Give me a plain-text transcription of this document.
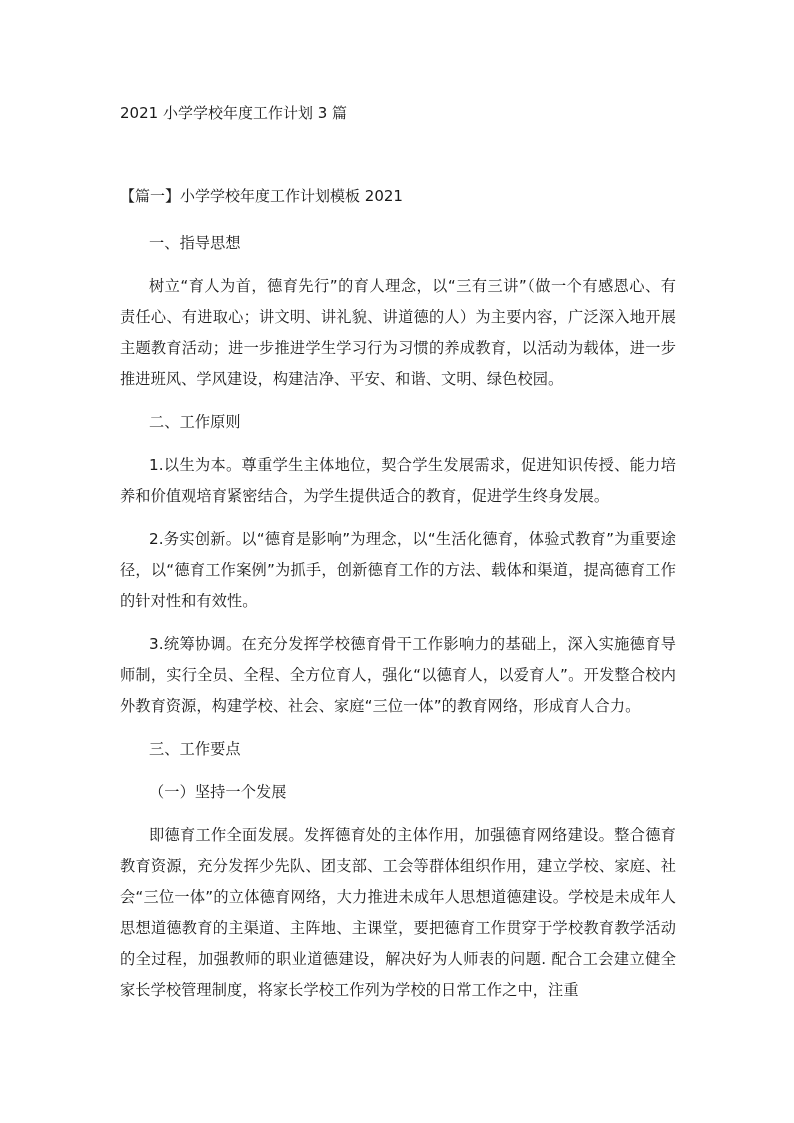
2021 小学学校年度工作计划 3 篇
【篇一】小学学校年度工作计划模板 2021

一、指导思想

树立“育人为首，德育先行”的育人理念，以“三有三讲”（做一个有感恩心、有责任心、有进取心；讲文明、讲礼貌、讲道德的人）为主要内容，广泛深入地开展主题教育活动；进一步推进学生学习行为习惯的养成教育，以活动为载体，进一步推进班风、学风建设，构建洁净、平安、和谐、文明、绿色校园。

二、工作原则

1.以生为本。尊重学生主体地位，契合学生发展需求，促进知识传授、能力培养和价值观培育紧密结合，为学生提供适合的教育，促进学生终身发展。

2.务实创新。以“德育是影响”为理念，以“生活化德育，体验式教育”为重要途径，以“德育工作案例”为抓手，创新德育工作的方法、载体和渠道，提高德育工作的针对性和有效性。

3.统筹协调。在充分发挥学校德育骨干工作影响力的基础上，深入实施德育导师制，实行全员、全程、全方位育人，强化“以德育人，以爱育人”。开发整合校内外教育资源，构建学校、社会、家庭“三位一体”的教育网络，形成育人合力。

三、工作要点

（一）坚持一个发展

即德育工作全面发展。发挥德育处的主体作用，加强德育网络建设。整合德育教育资源，充分发挥少先队、团支部、工会等群体组织作用，建立学校、家庭、社会“三位一体”的立体德育网络，大力推进未成年人思想道德建设。学校是未成年人思想道德教育的主渠道、主阵地、主课堂，要把德育工作贯穿于学校教育教学活动的全过程，加强教师的职业道德建设，解决好为人师表的问题. 配合工会建立健全家长学校管理制度，将家长学校工作列为学校的日常工作之中，注重
